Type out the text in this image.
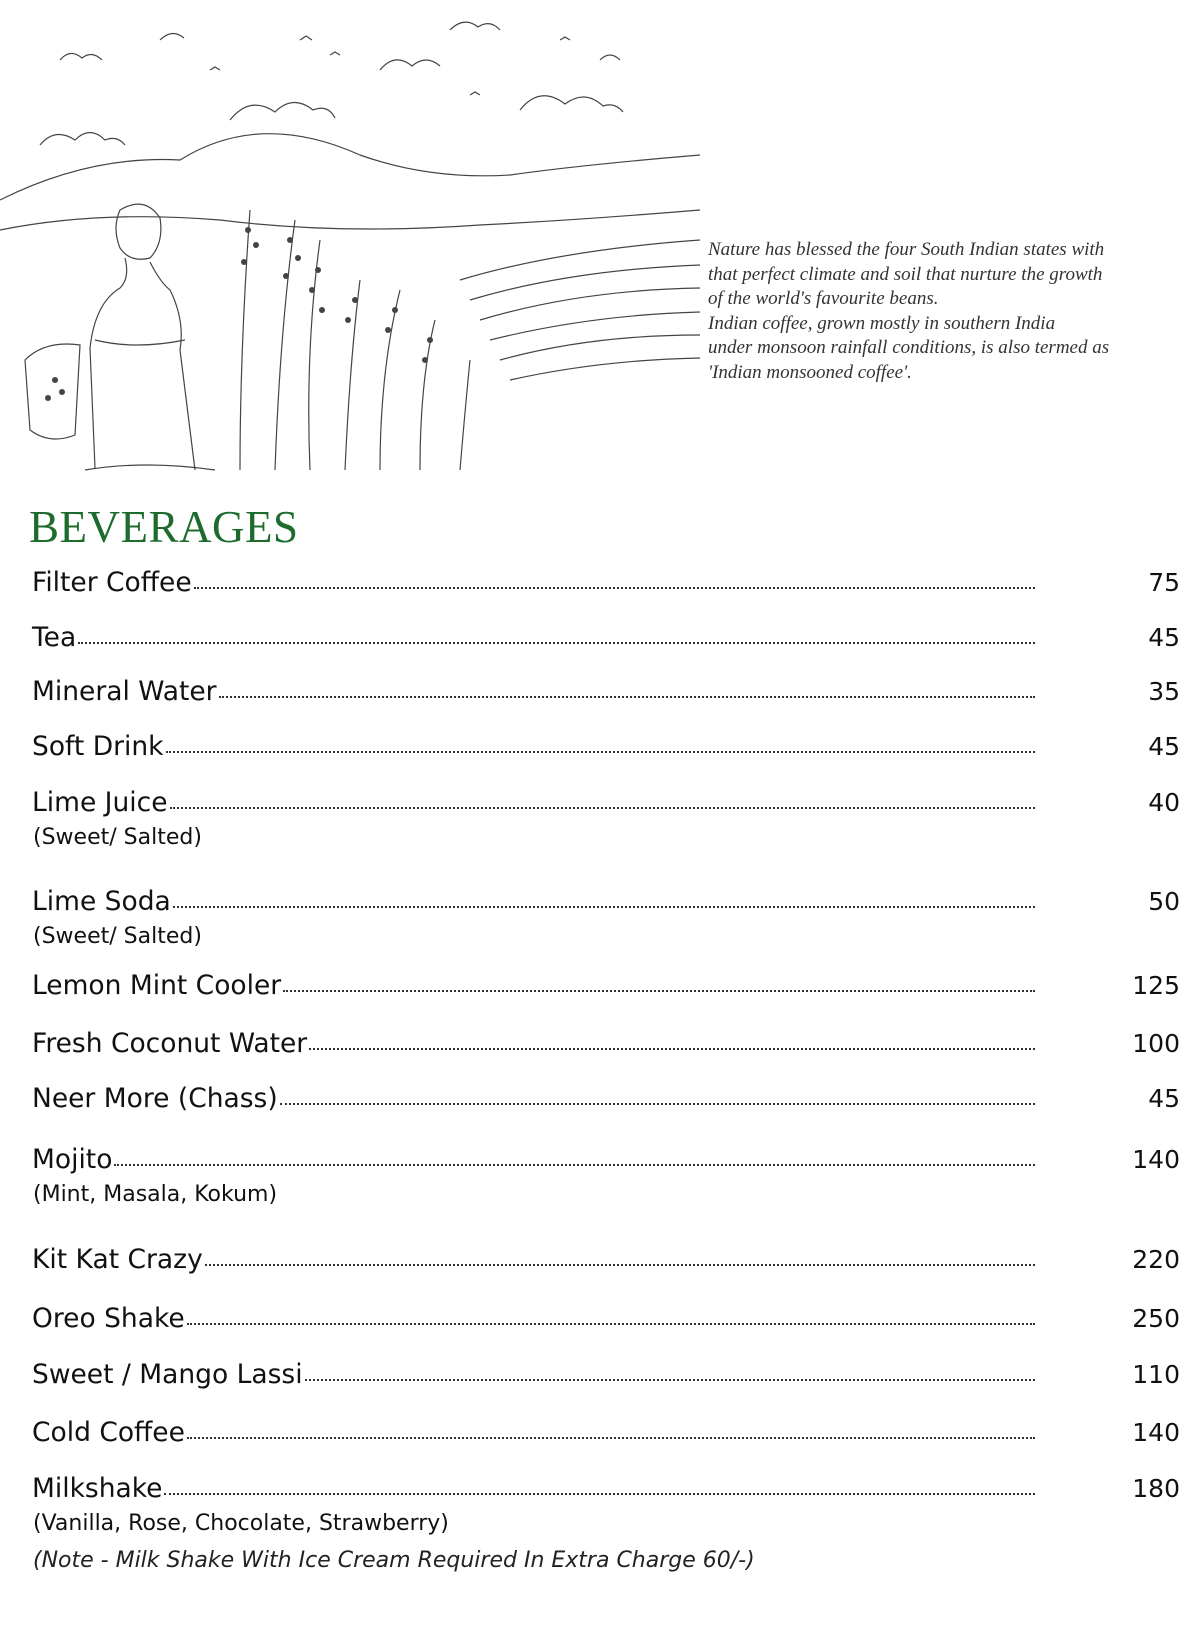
Nature has blessed the four South Indian states with

that perfect climate and soil that nurture the growth

of the world's favourite beans.

Indian coffee, grown mostly in southern India

under monsoon rainfall conditions, is also termed as

'Indian monsooned coffee'.

BEVERAGES
Filter Coffee	75
Tea	45
Mineral Water	35
Soft Drink	45
Lime Juice	40
(Sweet/ Salted)
Lime Soda	50
(Sweet/ Salted)
Lemon Mint Cooler	125
Fresh Coconut Water	100
Neer More (Chass)	45
Mojito	140
(Mint, Masala, Kokum)
Kit Kat Crazy	220
Oreo Shake	250
Sweet / Mango Lassi	110
Cold Coffee	140
Milkshake	180
(Vanilla, Rose, Chocolate, Strawberry)
(Note - Milk Shake With Ice Cream Required In Extra Charge 60/-)
